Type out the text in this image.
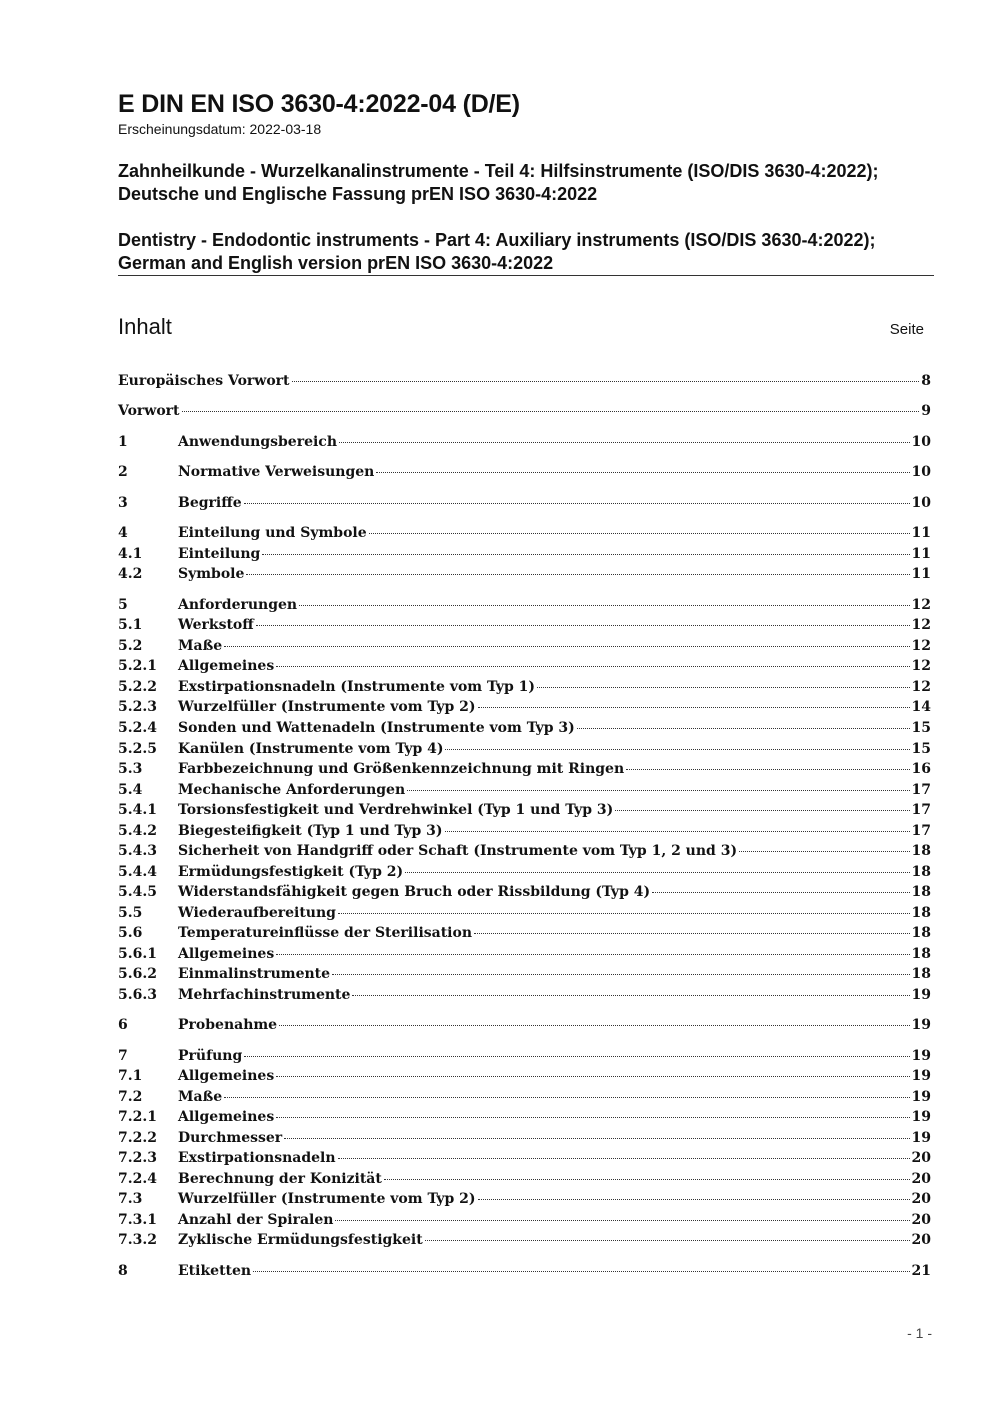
E DIN EN ISO 3630-4:2022-04 (D/E)
Erscheinungsdatum: 2022-03-18

Zahnheilkunde - Wurzelkanalinstrumente - Teil 4: Hilfsinstrumente (ISO/DIS 3630-4:2022); Deutsche und Englische Fassung prEN ISO 3630-4:2022

Dentistry - Endodontic instruments - Part 4: Auxiliary instruments (ISO/DIS 3630-4:2022); German and English version prEN ISO 3630-4:2022

Inhalt	Seite
Europäisches Vorwort	8
Vorwort	9
1	Anwendungsbereich	10
2	Normative Verweisungen	10
3	Begriffe	10
4	Einteilung und Symbole	11
4.1	Einteilung	11
4.2	Symbole	11
5	Anforderungen	12
5.1	Werkstoff	12
5.2	Maße	12
5.2.1	Allgemeines	12
5.2.2	Exstirpationsnadeln (Instrumente vom Typ 1)	12
5.2.3	Wurzelfüller (Instrumente vom Typ 2)	14
5.2.4	Sonden und Wattenadeln (Instrumente vom Typ 3)	15
5.2.5	Kanülen (Instrumente vom Typ 4)	15
5.3	Farbbezeichnung und Größenkennzeichnung mit Ringen	16
5.4	Mechanische Anforderungen	17
5.4.1	Torsionsfestigkeit und Verdrehwinkel (Typ 1 und Typ 3)	17
5.4.2	Biegesteifigkeit (Typ 1 und Typ 3)	17
5.4.3	Sicherheit von Handgriff oder Schaft (Instrumente vom Typ 1, 2 und 3)	18
5.4.4	Ermüdungsfestigkeit (Typ 2)	18
5.4.5	Widerstandsfähigkeit gegen Bruch oder Rissbildung (Typ 4)	18
5.5	Wiederaufbereitung	18
5.6	Temperatureinflüsse der Sterilisation	18
5.6.1	Allgemeines	18
5.6.2	Einmalinstrumente	18
5.6.3	Mehrfachinstrumente	19
6	Probenahme	19
7	Prüfung	19
7.1	Allgemeines	19
7.2	Maße	19
7.2.1	Allgemeines	19
7.2.2	Durchmesser	19
7.2.3	Exstirpationsnadeln	20
7.2.4	Berechnung der Konizität	20
7.3	Wurzelfüller (Instrumente vom Typ 2)	20
7.3.1	Anzahl der Spiralen	20
7.3.2	Zyklische Ermüdungsfestigkeit	20
8	Etiketten	21
- 1 -
